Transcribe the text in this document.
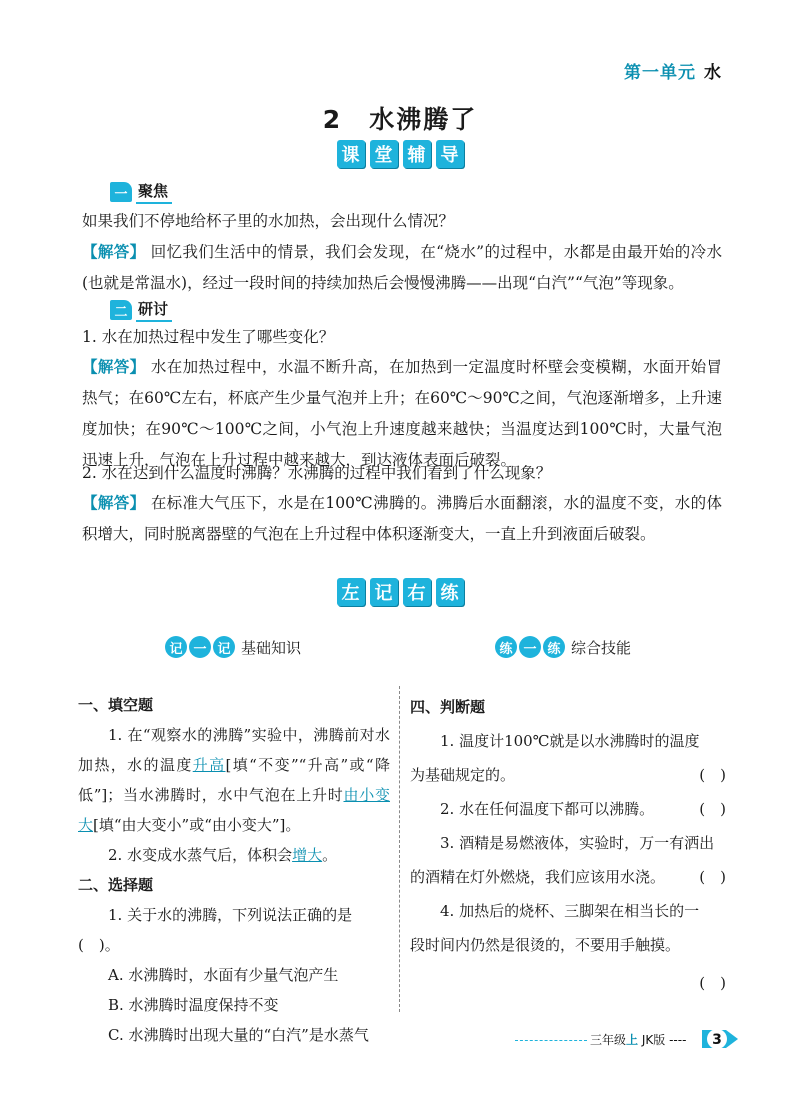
第一单元 水
2　水沸腾了
课 堂 辅 导
一 聚焦
如果我们不停地给杯子里的水加热，会出现什么情况？
【解答】 回忆我们生活中的情景，我们会发现，在“烧水”的过程中，水都是由最开始的冷水(也就是常温水)，经过一段时间的持续加热后会慢慢沸腾——出现“白汽”“气泡”等现象。
二 研讨
1. 水在加热过程中发生了哪些变化？
【解答】 水在加热过程中，水温不断升高，在加热到一定温度时杯壁会变模糊，水面开始冒热气；在60℃左右，杯底产生少量气泡并上升；在60℃～90℃之间，气泡逐渐增多，上升速度加快；在90℃～100℃之间，小气泡上升速度越来越快；当温度达到100℃时，大量气泡迅速上升，气泡在上升过程中越来越大，到达液体表面后破裂。
2. 水在达到什么温度时沸腾？水沸腾的过程中我们看到了什么现象？
【解答】 在标准大气压下，水是在100℃沸腾的。沸腾后水面翻滚，水的温度不变，水的体积增大，同时脱离器壁的气泡在上升过程中体积逐渐变大，一直上升到液面后破裂。
左 记 右 练
记 一 记 基础知识	练 一 练 综合技能
一、填空题
1. 在“观察水的沸腾”实验中，沸腾前对水加热，水的温度升高[填“不变”“升高”或“降低”]；当水沸腾时，水中气泡在上升时由小变大[填“由大变小”或“由小变大”]。
2. 水变成水蒸气后，体积会增大。
二、选择题
1. 关于水的沸腾，下列说法正确的是(　)。
A. 水沸腾时，水面有少量气泡产生
B. 水沸腾时温度保持不变
C. 水沸腾时出现大量的“白汽”是水蒸气
四、判断题
1. 温度计100℃就是以水沸腾时的温度
为基础规定的。	(　)
2. 水在任何温度下都可以沸腾。	(　)
3. 酒精是易燃液体，实验时，万一有洒出
的酒精在灯外燃烧，我们应该用水浇。 (　)
4. 加热后的烧杯、三脚架在相当长的一
段时间内仍然是很烫的，不要用手触摸。
(　)
三年级上 JK版 ---- 3
